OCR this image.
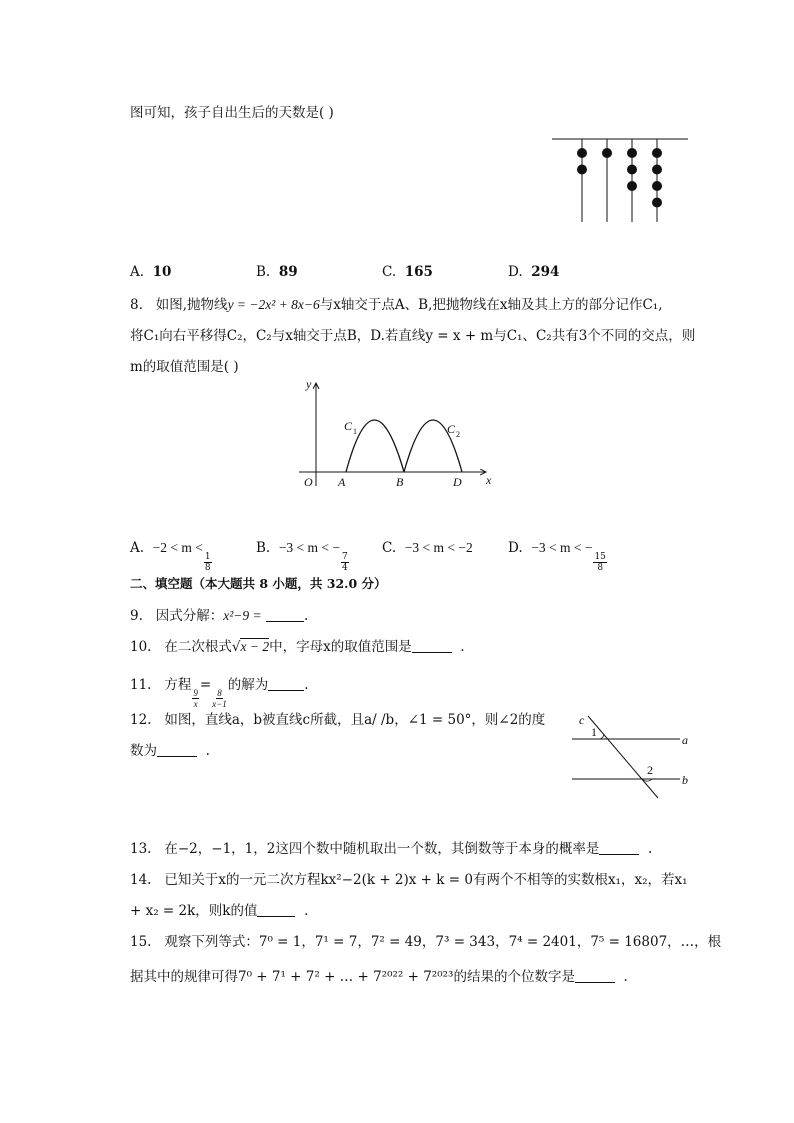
图可知，孩子自出生后的天数是( )
A. 10	B. 89	C. 165	D. 294
8. 如图,抛物线y = −2x² + 8x−6与x轴交于点A、B,把抛物线在x轴及其上方的部分记作C₁,
将C₁向右平移得C₂，C₂与x轴交于点B，D.若直线y = x + m与C₁、C₂共有3个不同的交点，则
m的取值范围是( )
y
x
O A	B	D
C 1	C 2
A. −2 < m <
$\frac{1}{8}$
B. −3 < m < −
$\frac{7}{4}$
C. −3 < m < −2	D. −3 < m < −
$\frac{15}{8}$
二、填空题（本大题共 8 小题，共 32.0 分）
9. 因式分解：x²−9 =	.
10. 在二次根式√x − 2中，字母x的取值范围是	.
11. 方程
$\frac{9}{x}$
=
$\frac{8}{x-1}$
的解为	.
12. 如图，直线a，b被直线c所截，且a/ /b，∠1 = 50°，则∠2的度
数为	.
c
a
b
1
2
13. 在−2，−1，1，2这四个数中随机取出一个数，其倒数等于本身的概率是	.
14. 已知关于x的一元二次方程kx²−2(k + 2)x + k = 0有两个不相等的实数根x₁，x₂，若x₁
+ x₂ = 2k，则k的值	.
15. 观察下列等式：7⁰ = 1，7¹ = 7，7² = 49，7³ = 343，7⁴ = 2401，7⁵ = 16807，…，根
据其中的规律可得7⁰ + 7¹ + 7² + … + 7²⁰²² + 7²⁰²³的结果的个位数字是	.
